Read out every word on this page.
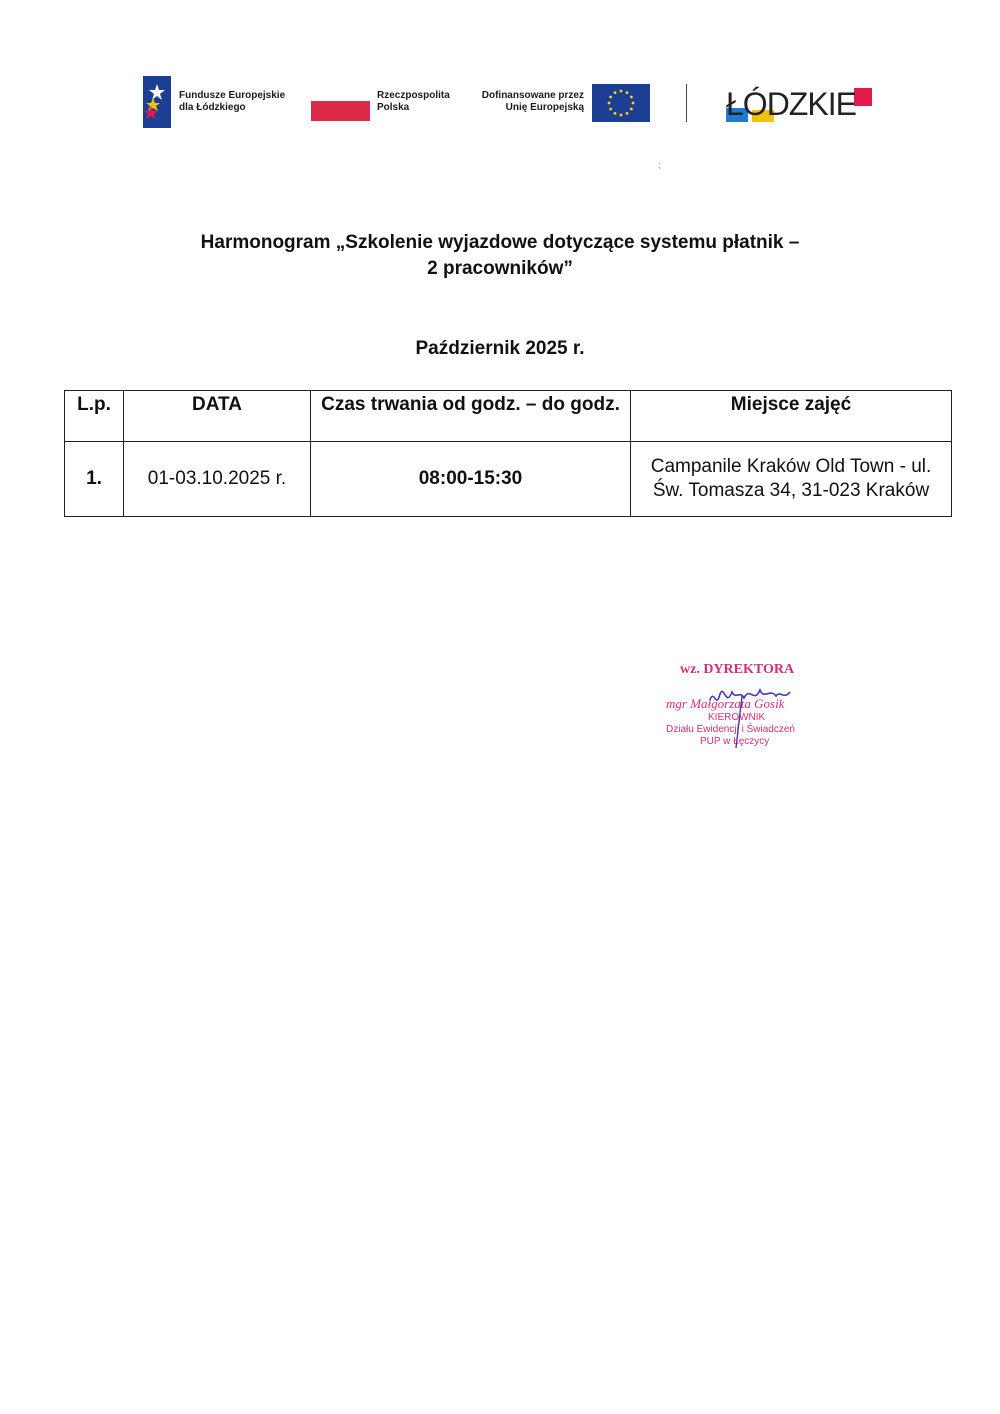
Fundusze Europejskie
dla Łódzkiego
Rzeczpospolita
Polska
Dofinansowane przez
Unię Europejską	ŁÓDZKIE
;
Harmonogram „Szkolenie wyjazdowe dotyczące systemu płatnik –
2 pracowników”
Październik 2025 r.
L.p.	DATA	Czas trwania od godz. – do godz.	Miejsce zajęć
1.	01-03.10.2025 r.	08:00-15:30	Campanile Kraków Old Town - ul. Św. Tomasza 34, 31-023 Kraków
wz. DYREKTORA
mgr Małgorzata Gosik
KIEROWNIK
Działu Ewidencji i Świadczeń
PUP w Łęczycy
